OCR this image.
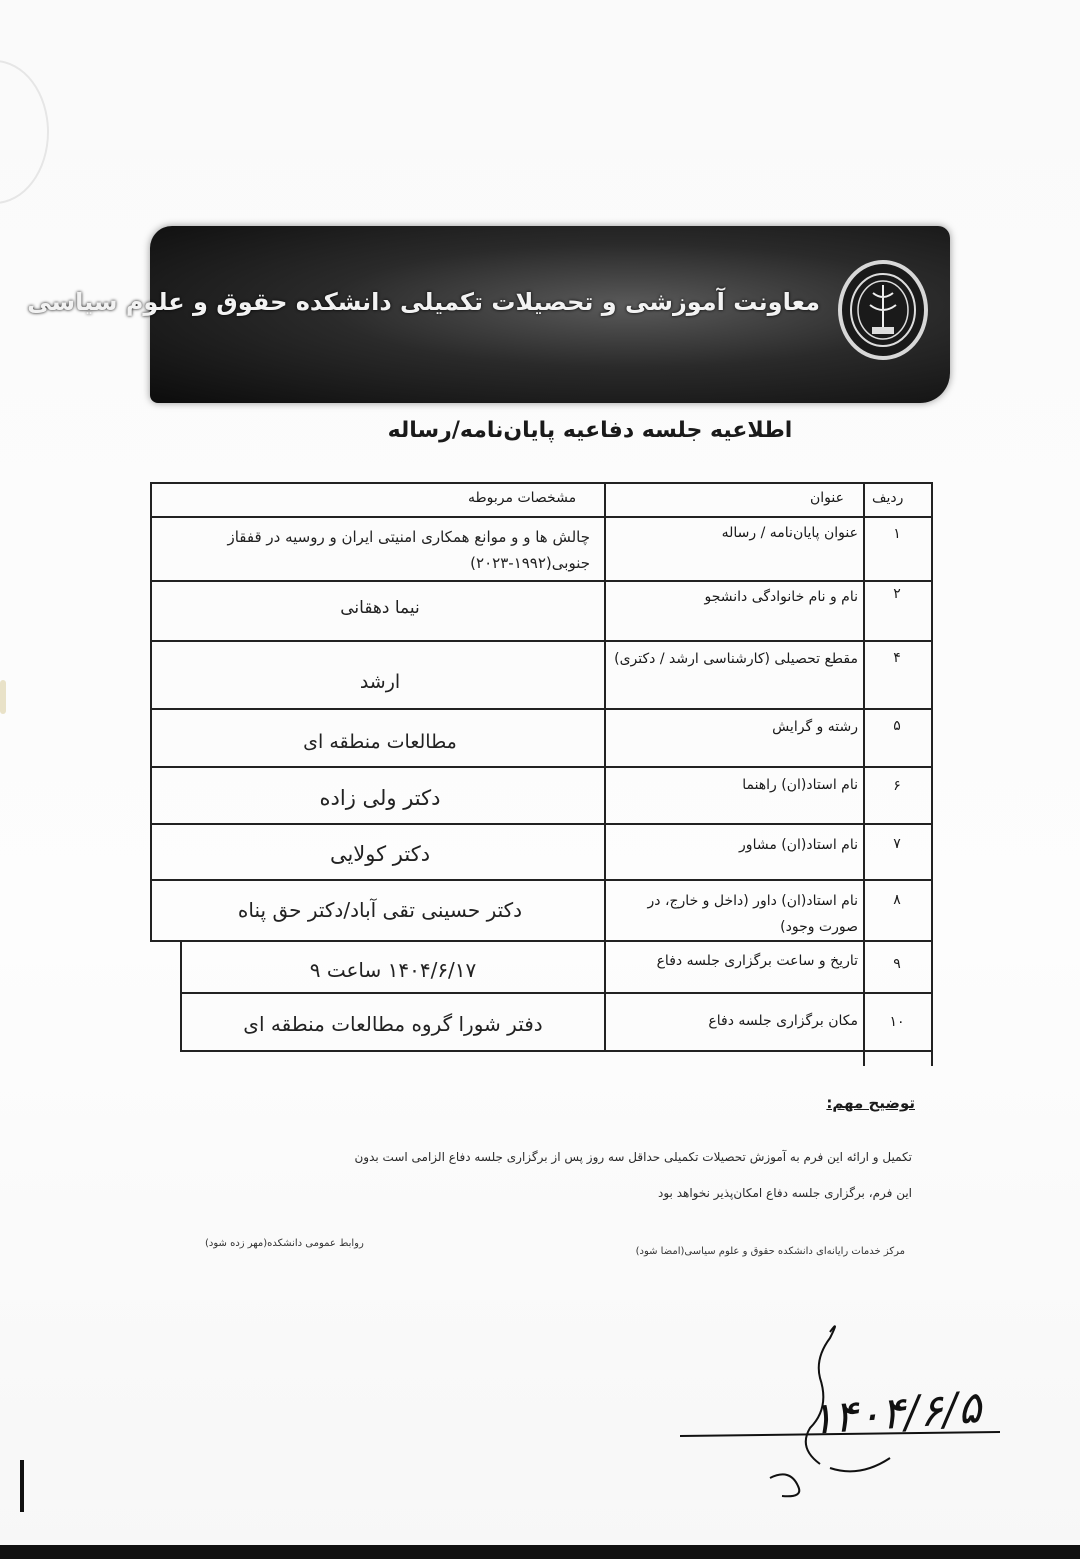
معاونت آموزشی و تحصیلات تکمیلی دانشکده حقوق و علوم سیاسی
اطلاعیه جلسه دفاعیه پایان‌نامه/رساله
ردیف
عنوان
مشخصات مربوطه
۱
عنوان پایان‌نامه / رساله
چالش ها و و موانع همکاری امنیتی ایران و روسیه در قفقاز جنوبی(۱۹۹۲-۲۰۲۳)
۲
نام و نام خانوادگی دانشجو
نیما دهقانی
۴
مقطع تحصیلی (کارشناسی ارشد / دکتری)
ارشد
۵
رشته و گرایش
مطالعات منطقه ای
۶
نام استاد(ان) راهنما
دکتر ولی زاده
۷
نام استاد(ان) مشاور
دکتر کولایی
۸
نام استاد(ان) داور (داخل و خارج، در صورت وجود)
دکتر حسینی تقی آباد/دکتر حق پناه
۹
تاریخ و ساعت برگزاری جلسه دفاع
۱۴۰۴/۶/۱۷ ساعت ۹
۱۰
مکان برگزاری جلسه دفاع
دفتر شورا گروه مطالعات منطقه ای
توضیح مهم:
تکمیل و ارائه این فرم به آموزش تحصیلات تکمیلی حداقل سه روز پس از برگزاری جلسه دفاع الزامی است بدون
این فرم، برگزاری جلسه دفاع امکان‌پذیر نخواهد بود
روابط عمومی دانشکده(مهر زده شود)
مرکز خدمات رایانه‌ای دانشکده حقوق و علوم سیاسی(امضا شود)
۱۴۰۴/۶/۵
